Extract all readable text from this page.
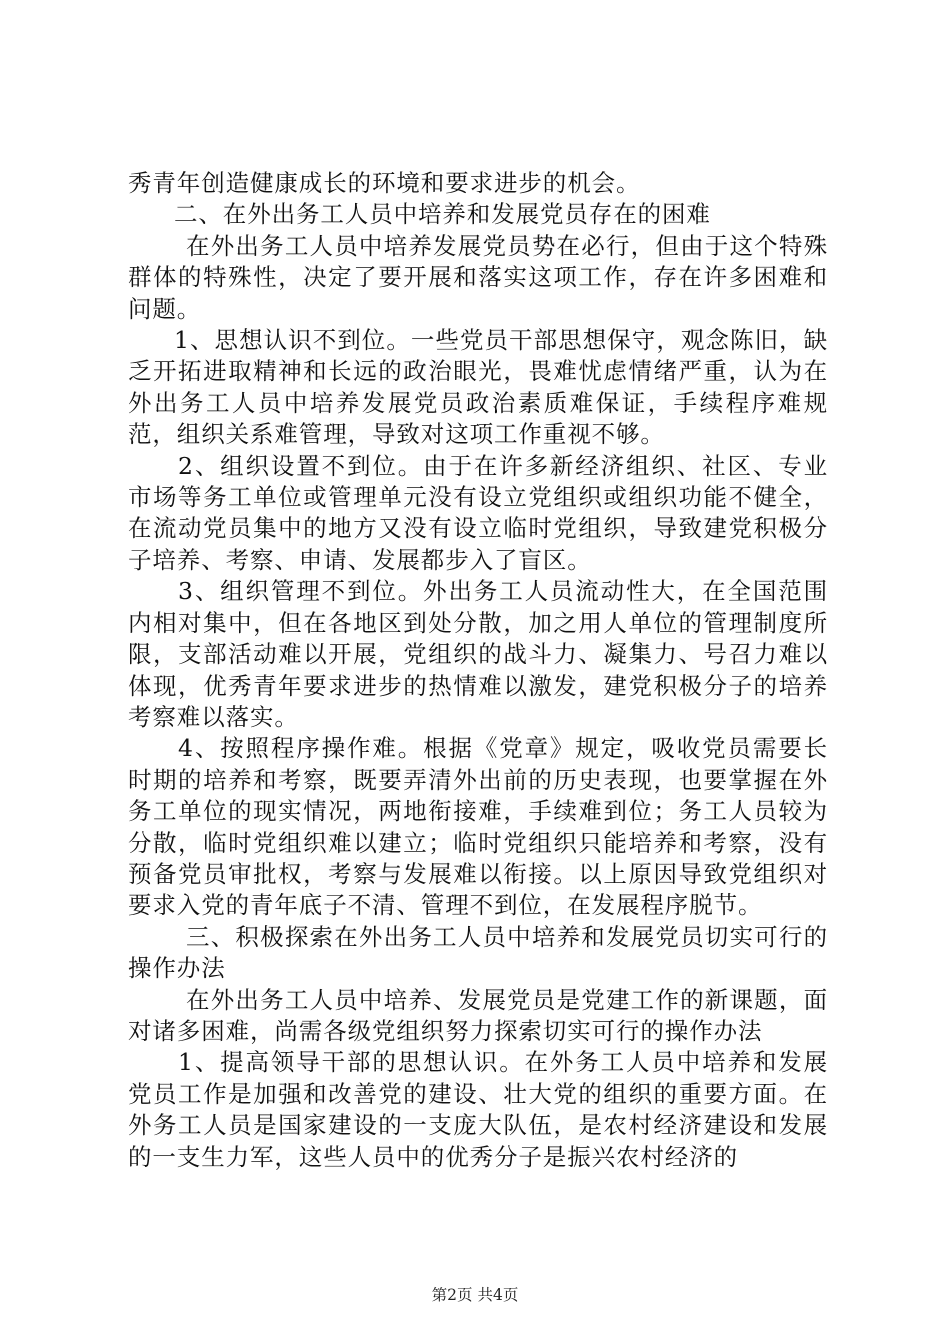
秀青年创造健康成长的环境和要求进步的机会。

二、在外出务工人员中培养和发展党员存在的困难

在外出务工人员中培养发展党员势在必行，但由于这个特殊群体的特殊性，决定了要开展和落实这项工作，存在许多困难和问题。

1、思想认识不到位。一些党员干部思想保守，观念陈旧，缺乏开拓进取精神和长远的政治眼光，畏难忧虑情绪严重，认为在外出务工人员中培养发展党员政治素质难保证，手续程序难规范，组织关系难管理，导致对这项工作重视不够。

2、组织设置不到位。由于在许多新经济组织、社区、专业市场等务工单位或管理单元没有设立党组织或组织功能不健全，在流动党员集中的地方又没有设立临时党组织，导致建党积极分子培养、考察、申请、发展都步入了盲区。

3、组织管理不到位。外出务工人员流动性大，在全国范围内相对集中，但在各地区到处分散，加之用人单位的管理制度所限，支部活动难以开展，党组织的战斗力、凝集力、号召力难以体现，优秀青年要求进步的热情难以激发，建党积极分子的培养考察难以落实。

4、按照程序操作难。根据《党章》规定，吸收党员需要长时期的培养和考察，既要弄清外出前的历史表现，也要掌握在外务工单位的现实情况，两地衔接难，手续难到位；务工人员较为分散，临时党组织难以建立；临时党组织只能培养和考察，没有预备党员审批权，考察与发展难以衔接。以上原因导致党组织对要求入党的青年底子不清、管理不到位，在发展程序脱节。

三、积极探索在外出务工人员中培养和发展党员切实可行的操作办法

在外出务工人员中培养、发展党员是党建工作的新课题，面对诸多困难，尚需各级党组织努力探索切实可行的操作办法

1、提高领导干部的思想认识。在外务工人员中培养和发展党员工作是加强和改善党的建设、壮大党的组织的重要方面。在外务工人员是国家建设的一支庞大队伍，是农村经济建设和发展的一支生力军，这些人员中的优秀分子是振兴农村经济的

第2页 共4页
